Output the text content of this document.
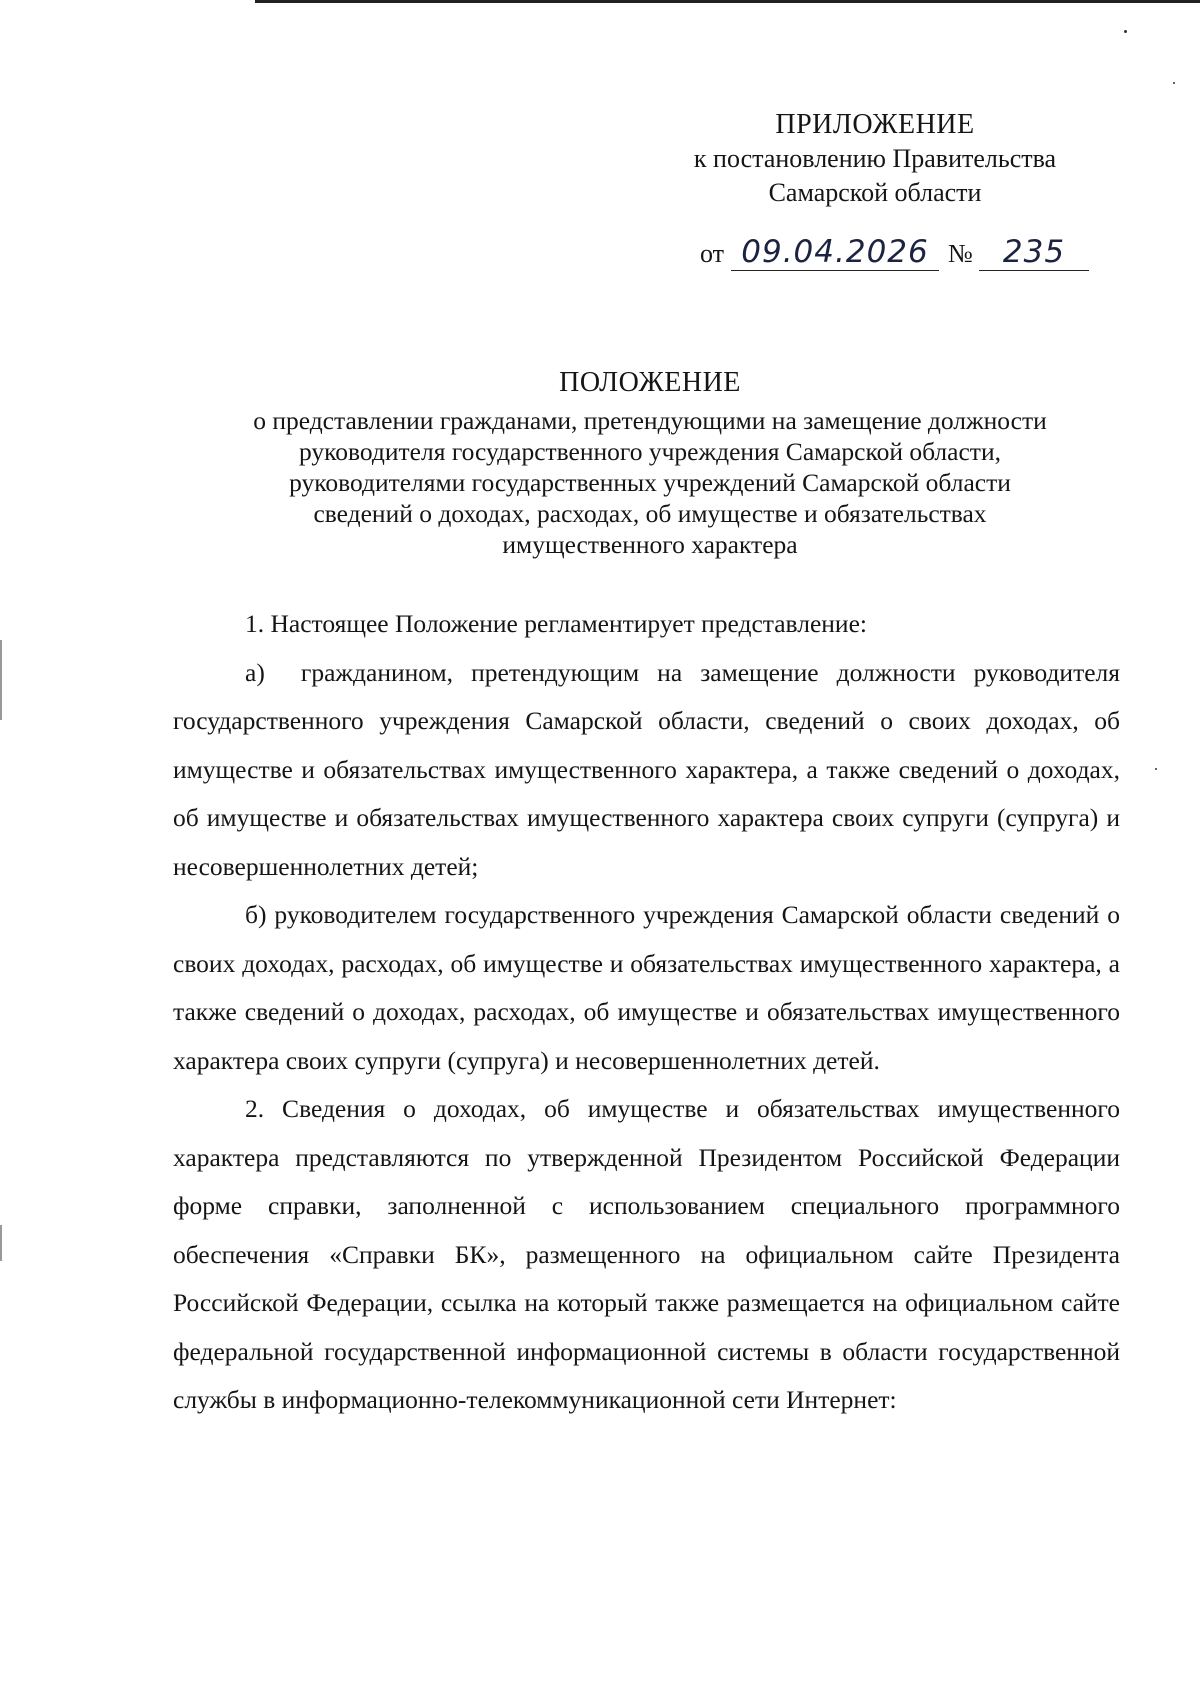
ПРИЛОЖЕНИЕ
к постановлению Правительства
Самарской области
от 09.04.2026 № 235
ПОЛОЖЕНИЕ
о представлении гражданами, претендующими на замещение должности
руководителя государственного учреждения Самарской области,
руководителями государственных учреждений Самарской области
сведений о доходах, расходах, об имуществе и обязательствах
имущественного характера

1. Настоящее Положение регламентирует представление:

а)  гражданином, претендующим на замещение должности руководителя государственного учреждения Самарской области, сведений о своих доходах, об имуществе и обязательствах имущественного характера, а также сведений о доходах, об имуществе и обязательствах имущественного характера своих супруги (супруга) и несовершеннолетних детей;

б) руководителем государственного учреждения Самарской области сведений о своих доходах, расходах, об имуществе и обязательствах имущественного характера, а также сведений о доходах, расходах, об имуществе и обязательствах имущественного характера своих супруги (супруга) и несовершеннолетних детей.

2. Сведения о доходах, об имуществе и обязательствах имущественного характера представляются по утвержденной Президентом Российской Федерации форме справки, заполненной с использованием специального программного обеспечения «Справки БК», размещенного на официальном сайте Президента Российской Федерации, ссылка на который также размещается на официальном сайте федеральной государственной информационной системы в области государственной службы в информационно-телекоммуникационной сети Интернет:
